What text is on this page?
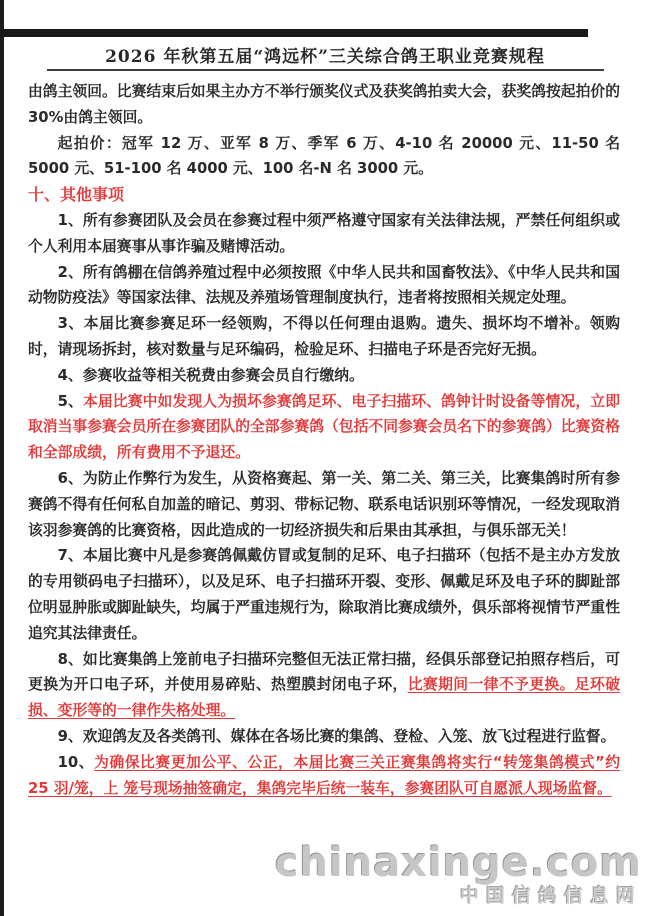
2026 年秋第五届“鸿远杯”三关综合鸽王职业竞赛规程
由鸽主领回。比赛结束后如果主办方不举行颁奖仪式及获奖鸽拍卖大会，获奖鸽按起拍价的 30%由鸽主领回。
起拍价：冠军 12 万、亚军 8 万、季军 6 万、4-10 名 20000 元、11-50 名 5000 元、51-100 名 4000 元、100 名-N 名 3000 元。
十、其他事项
1、所有参赛团队及会员在参赛过程中须严格遵守国家有关法律法规，严禁任何组织或个人利用本届赛事从事诈骗及赌博活动。
2、所有鸽棚在信鸽养殖过程中必须按照《中华人民共和国畜牧法》、《中华人民共和国动物防疫法》等国家法律、法规及养殖场管理制度执行，违者将按照相关规定处理。
3、本届比赛参赛足环一经领购，不得以任何理由退购。遗失、损坏均不增补。领购时，请现场拆封，核对数量与足环编码，检验足环、扫描电子环是否完好无损。
4、参赛收益等相关税费由参赛会员自行缴纳。
5、本届比赛中如发现人为损坏参赛鸽足环、电子扫描环、鸽钟计时设备等情况，立即取消当事参赛会员所在参赛团队的全部参赛鸽（包括不同参赛会员名下的参赛鸽）比赛资格和全部成绩，所有费用不予退还。
6、为防止作弊行为发生，从资格赛起、第一关、第二关、第三关，比赛集鸽时所有参赛鸽不得有任何私自加盖的暗记、剪羽、带标记物、联系电话识别环等情况，一经发现取消该羽参赛鸽的比赛资格，因此造成的一切经济损失和后果由其承担，与俱乐部无关！
7、本届比赛中凡是参赛鸽佩戴仿冒或复制的足环、电子扫描环（包括不是主办方发放的专用锁码电子扫描环），以及足环、电子扫描环开裂、变形、佩戴足环及电子环的脚趾部位明显肿胀或脚趾缺失，均属于严重违规行为，除取消比赛成绩外，俱乐部将视情节严重性追究其法律责任。
8、如比赛集鸽上笼前电子扫描环完整但无法正常扫描，经俱乐部登记拍照存档后，可更换为开口电子环，并使用易碎贴、热塑膜封闭电子环，比赛期间一律不予更换。足环破损、变形等的一律作失格处理。
9、欢迎鸽友及各类鸽刊、媒体在各场比赛的集鸽、登检、入笼、放飞过程进行监督。
10、为确保比赛更加公平、公正，本届比赛三关正赛集鸽将实行“转笼集鸽模式”约 25 羽/笼，上 笼号现场抽签确定，集鸽完毕后统一装车，参赛团队可自愿派人现场监督。
chinaxinge.com
中国信鸽信息网
